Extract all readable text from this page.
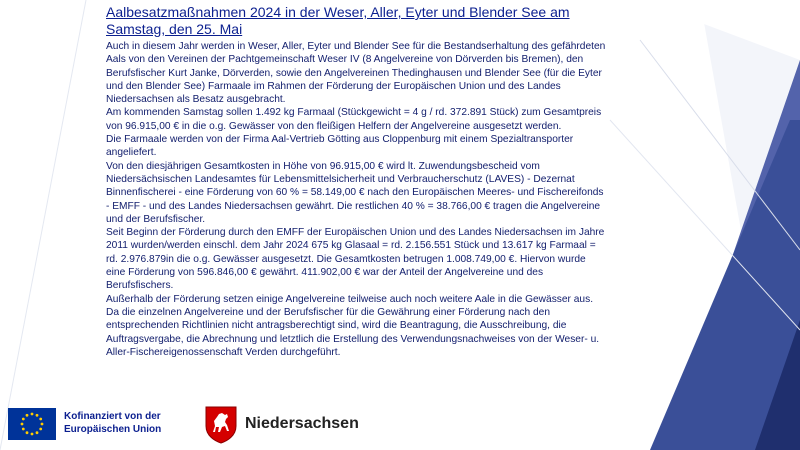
Aalbesatzmaßnahmen 2024 in der Weser, Aller, Eyter und Blender See am Samstag, den 25. Mai

Auch in diesem Jahr werden in Weser, Aller, Eyter und Blender See für die Bestandserhaltung des gefährdeten Aals von den Vereinen der Pachtgemeinschaft Weser IV (8 Angelvereine von Dörverden bis Bremen), den Berufsfischer Kurt Janke, Dörverden, sowie den Angelvereinen Thedinghausen und Blender See (für die Eyter und den Blender See) Farmaale im Rahmen der Förderung der Europäischen Union und des Landes Niedersachsen als Besatz ausgebracht.

Am kommenden Samstag sollen 1.492 kg Farmaal (Stückgewicht = 4 g / rd. 372.891 Stück) zum Gesamtpreis von 96.915,00 € in die o.g. Gewässer von den fleißigen Helfern der Angelvereine ausgesetzt werden.

Die Farmaale werden von der Firma Aal-Vertrieb Götting aus Cloppenburg mit einem Spezialtransporter angeliefert.

Von den diesjährigen Gesamtkosten in Höhe von 96.915,00 € wird lt. Zuwendungsbescheid vom Niedersächsischen Landesamtes für Lebensmittelsicherheit und Verbraucherschutz (LAVES) - Dezernat Binnenfischerei - eine Förderung von 60 % = 58.149,00 € nach den Europäischen Meeres- und Fischereifonds - EMFF - und des Landes Niedersachsen gewährt. Die restlichen 40 % = 38.766,00 € tragen die Angelvereine und der Berufsfischer.

Seit Beginn der Förderung durch den EMFF der Europäischen Union und des Landes Niedersachsen im Jahre 2011 wurden/werden einschl. dem Jahr 2024 675 kg Glasaal = rd. 2.156.551 Stück und 13.617 kg Farmaal = rd. 2.976.879in die o.g. Gewässer ausgesetzt. Die Gesamtkosten betrugen 1.008.749,00 €. Hiervon wurde eine Förderung von 596.846,00 € gewährt. 411.902,00 € war der Anteil der Angelvereine und des Berufsfischers.

Außerhalb der Förderung setzen einige Angelvereine teilweise auch noch weitere Aale in die Gewässer aus.

Da die einzelnen Angelvereine und der Berufsfischer für die Gewährung einer Förderung nach den entsprechenden Richtlinien nicht antragsberechtigt sind, wird die Beantragung, die Ausschreibung, die Auftragsvergabe, die Abrechnung und letztlich die Erstellung des Verwendungsnachweises von der Weser- u. Aller-Fischereigenossenschaft Verden durchgeführt.

Kofinanziert von der
Europäischen Union	Niedersachsen
